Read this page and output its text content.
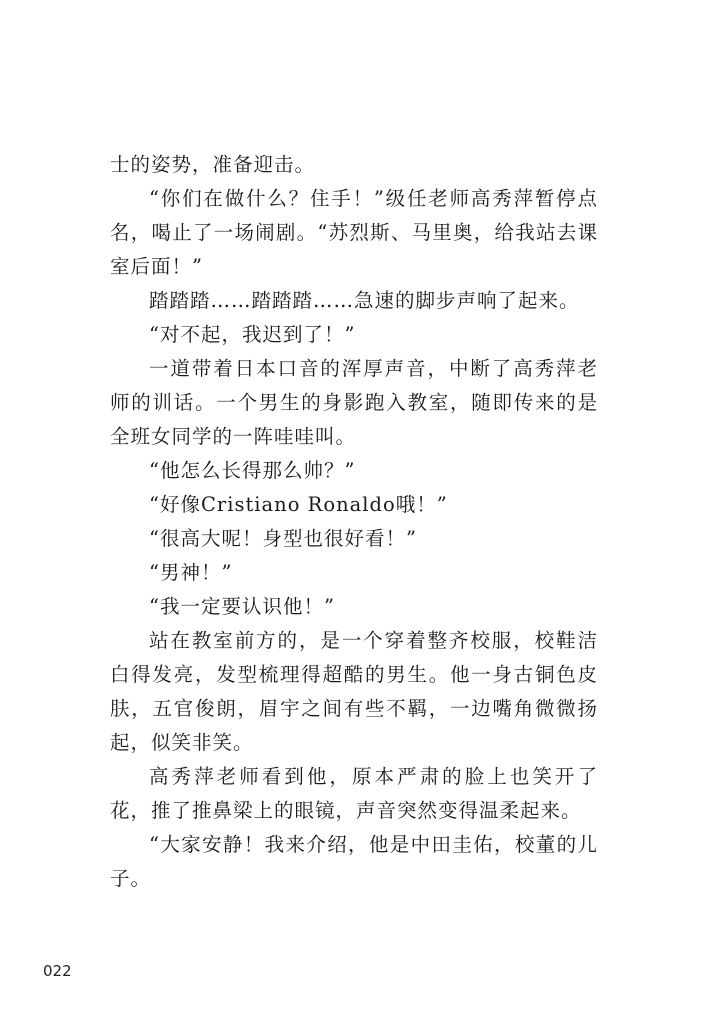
士的姿势，准备迎击。

“你们在做什么？住手！”级任老师高秀萍暂停点名，喝止了一场闹剧。“苏烈斯、马里奥，给我站去课室后面！”

踏踏踏……踏踏踏……急速的脚步声响了起来。

“对不起，我迟到了！”

一道带着日本口音的浑厚声音，中断了高秀萍老师的训话。一个男生的身影跑入教室，随即传来的是全班女同学的一阵哇哇叫。

“他怎么长得那么帅？”

“好像Cristiano Ronaldo哦！”

“很高大呢！身型也很好看！”

“男神！”

“我一定要认识他！”

站在教室前方的，是一个穿着整齐校服，校鞋洁白得发亮，发型梳理得超酷的男生。他一身古铜色皮肤，五官俊朗，眉宇之间有些不羁，一边嘴角微微扬起，似笑非笑。

高秀萍老师看到他，原本严肃的脸上也笑开了花，推了推鼻梁上的眼镜，声音突然变得温柔起来。

“大家安静！我来介绍，他是中田圭佑，校董的儿子。

022
